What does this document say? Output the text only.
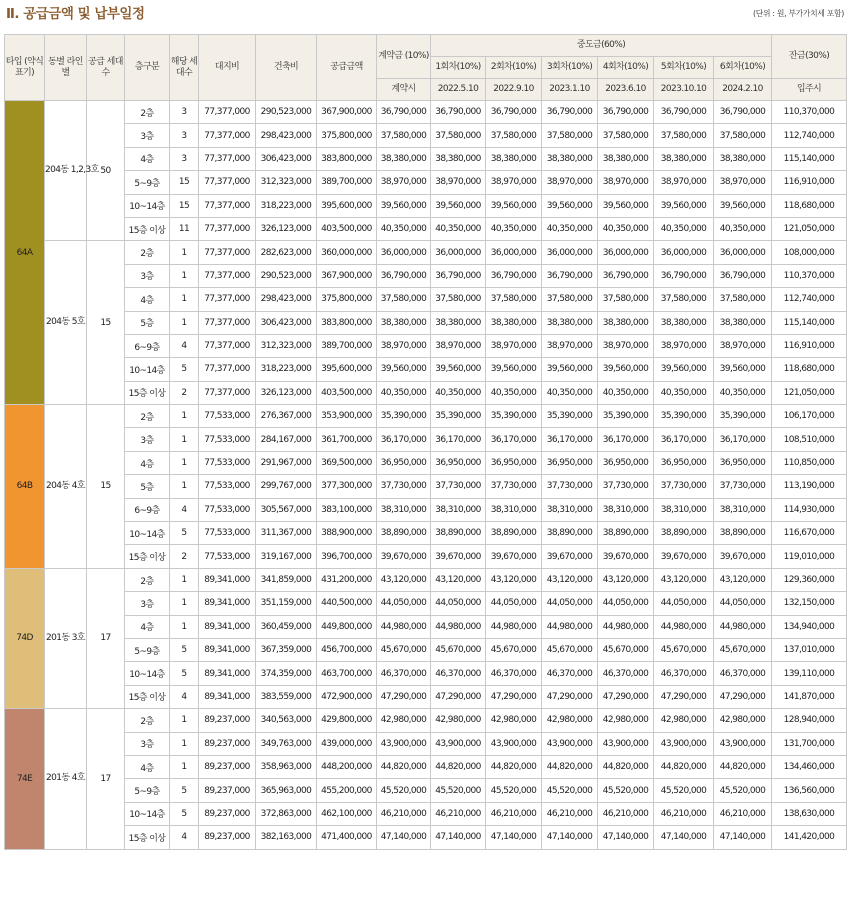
Ⅱ. 공급금액 및 납부일정	(단위 : 원, 부가가치세 포함)
타입 (약식 표기)	동별 라인별	공급 세대수	층구분	해당 세대수	대지비	건축비	공급금액	계약금 (10%)	중도금(60%)						잔금(30%)
									1회차(10%)	2회차(10%)	3회차(10%)	4회차(10%)	5회차(10%)	6회차(10%)	
								계약시	2022.5.10	2022.9.10	2023.1.10	2023.6.10	2023.10.10	2024.2.10	입주시
64A	204동 1,2,3호	50	2층	3	77,377,000	290,523,000	367,900,000	36,790,000	36,790,000	36,790,000	36,790,000	36,790,000	36,790,000	36,790,000	110,370,000
			3층	3	77,377,000	298,423,000	375,800,000	37,580,000	37,580,000	37,580,000	37,580,000	37,580,000	37,580,000	37,580,000	112,740,000
			4층	3	77,377,000	306,423,000	383,800,000	38,380,000	38,380,000	38,380,000	38,380,000	38,380,000	38,380,000	38,380,000	115,140,000
			5~9층	15	77,377,000	312,323,000	389,700,000	38,970,000	38,970,000	38,970,000	38,970,000	38,970,000	38,970,000	38,970,000	116,910,000
			10~14층	15	77,377,000	318,223,000	395,600,000	39,560,000	39,560,000	39,560,000	39,560,000	39,560,000	39,560,000	39,560,000	118,680,000
			15층 이상	11	77,377,000	326,123,000	403,500,000	40,350,000	40,350,000	40,350,000	40,350,000	40,350,000	40,350,000	40,350,000	121,050,000
	204동 5호	15	2층	1	77,377,000	282,623,000	360,000,000	36,000,000	36,000,000	36,000,000	36,000,000	36,000,000	36,000,000	36,000,000	108,000,000
			3층	1	77,377,000	290,523,000	367,900,000	36,790,000	36,790,000	36,790,000	36,790,000	36,790,000	36,790,000	36,790,000	110,370,000
			4층	1	77,377,000	298,423,000	375,800,000	37,580,000	37,580,000	37,580,000	37,580,000	37,580,000	37,580,000	37,580,000	112,740,000
			5층	1	77,377,000	306,423,000	383,800,000	38,380,000	38,380,000	38,380,000	38,380,000	38,380,000	38,380,000	38,380,000	115,140,000
			6~9층	4	77,377,000	312,323,000	389,700,000	38,970,000	38,970,000	38,970,000	38,970,000	38,970,000	38,970,000	38,970,000	116,910,000
			10~14층	5	77,377,000	318,223,000	395,600,000	39,560,000	39,560,000	39,560,000	39,560,000	39,560,000	39,560,000	39,560,000	118,680,000
			15층 이상	2	77,377,000	326,123,000	403,500,000	40,350,000	40,350,000	40,350,000	40,350,000	40,350,000	40,350,000	40,350,000	121,050,000
64B	204동 4호	15	2층	1	77,533,000	276,367,000	353,900,000	35,390,000	35,390,000	35,390,000	35,390,000	35,390,000	35,390,000	35,390,000	106,170,000
			3층	1	77,533,000	284,167,000	361,700,000	36,170,000	36,170,000	36,170,000	36,170,000	36,170,000	36,170,000	36,170,000	108,510,000
			4층	1	77,533,000	291,967,000	369,500,000	36,950,000	36,950,000	36,950,000	36,950,000	36,950,000	36,950,000	36,950,000	110,850,000
			5층	1	77,533,000	299,767,000	377,300,000	37,730,000	37,730,000	37,730,000	37,730,000	37,730,000	37,730,000	37,730,000	113,190,000
			6~9층	4	77,533,000	305,567,000	383,100,000	38,310,000	38,310,000	38,310,000	38,310,000	38,310,000	38,310,000	38,310,000	114,930,000
			10~14층	5	77,533,000	311,367,000	388,900,000	38,890,000	38,890,000	38,890,000	38,890,000	38,890,000	38,890,000	38,890,000	116,670,000
			15층 이상	2	77,533,000	319,167,000	396,700,000	39,670,000	39,670,000	39,670,000	39,670,000	39,670,000	39,670,000	39,670,000	119,010,000
74D	201동 3호	17	2층	1	89,341,000	341,859,000	431,200,000	43,120,000	43,120,000	43,120,000	43,120,000	43,120,000	43,120,000	43,120,000	129,360,000
			3층	1	89,341,000	351,159,000	440,500,000	44,050,000	44,050,000	44,050,000	44,050,000	44,050,000	44,050,000	44,050,000	132,150,000
			4층	1	89,341,000	360,459,000	449,800,000	44,980,000	44,980,000	44,980,000	44,980,000	44,980,000	44,980,000	44,980,000	134,940,000
			5~9층	5	89,341,000	367,359,000	456,700,000	45,670,000	45,670,000	45,670,000	45,670,000	45,670,000	45,670,000	45,670,000	137,010,000
			10~14층	5	89,341,000	374,359,000	463,700,000	46,370,000	46,370,000	46,370,000	46,370,000	46,370,000	46,370,000	46,370,000	139,110,000
			15층 이상	4	89,341,000	383,559,000	472,900,000	47,290,000	47,290,000	47,290,000	47,290,000	47,290,000	47,290,000	47,290,000	141,870,000
74E	201동 4호	17	2층	1	89,237,000	340,563,000	429,800,000	42,980,000	42,980,000	42,980,000	42,980,000	42,980,000	42,980,000	42,980,000	128,940,000
			3층	1	89,237,000	349,763,000	439,000,000	43,900,000	43,900,000	43,900,000	43,900,000	43,900,000	43,900,000	43,900,000	131,700,000
			4층	1	89,237,000	358,963,000	448,200,000	44,820,000	44,820,000	44,820,000	44,820,000	44,820,000	44,820,000	44,820,000	134,460,000
			5~9층	5	89,237,000	365,963,000	455,200,000	45,520,000	45,520,000	45,520,000	45,520,000	45,520,000	45,520,000	45,520,000	136,560,000
			10~14층	5	89,237,000	372,863,000	462,100,000	46,210,000	46,210,000	46,210,000	46,210,000	46,210,000	46,210,000	46,210,000	138,630,000
			15층 이상	4	89,237,000	382,163,000	471,400,000	47,140,000	47,140,000	47,140,000	47,140,000	47,140,000	47,140,000	47,140,000	141,420,000
